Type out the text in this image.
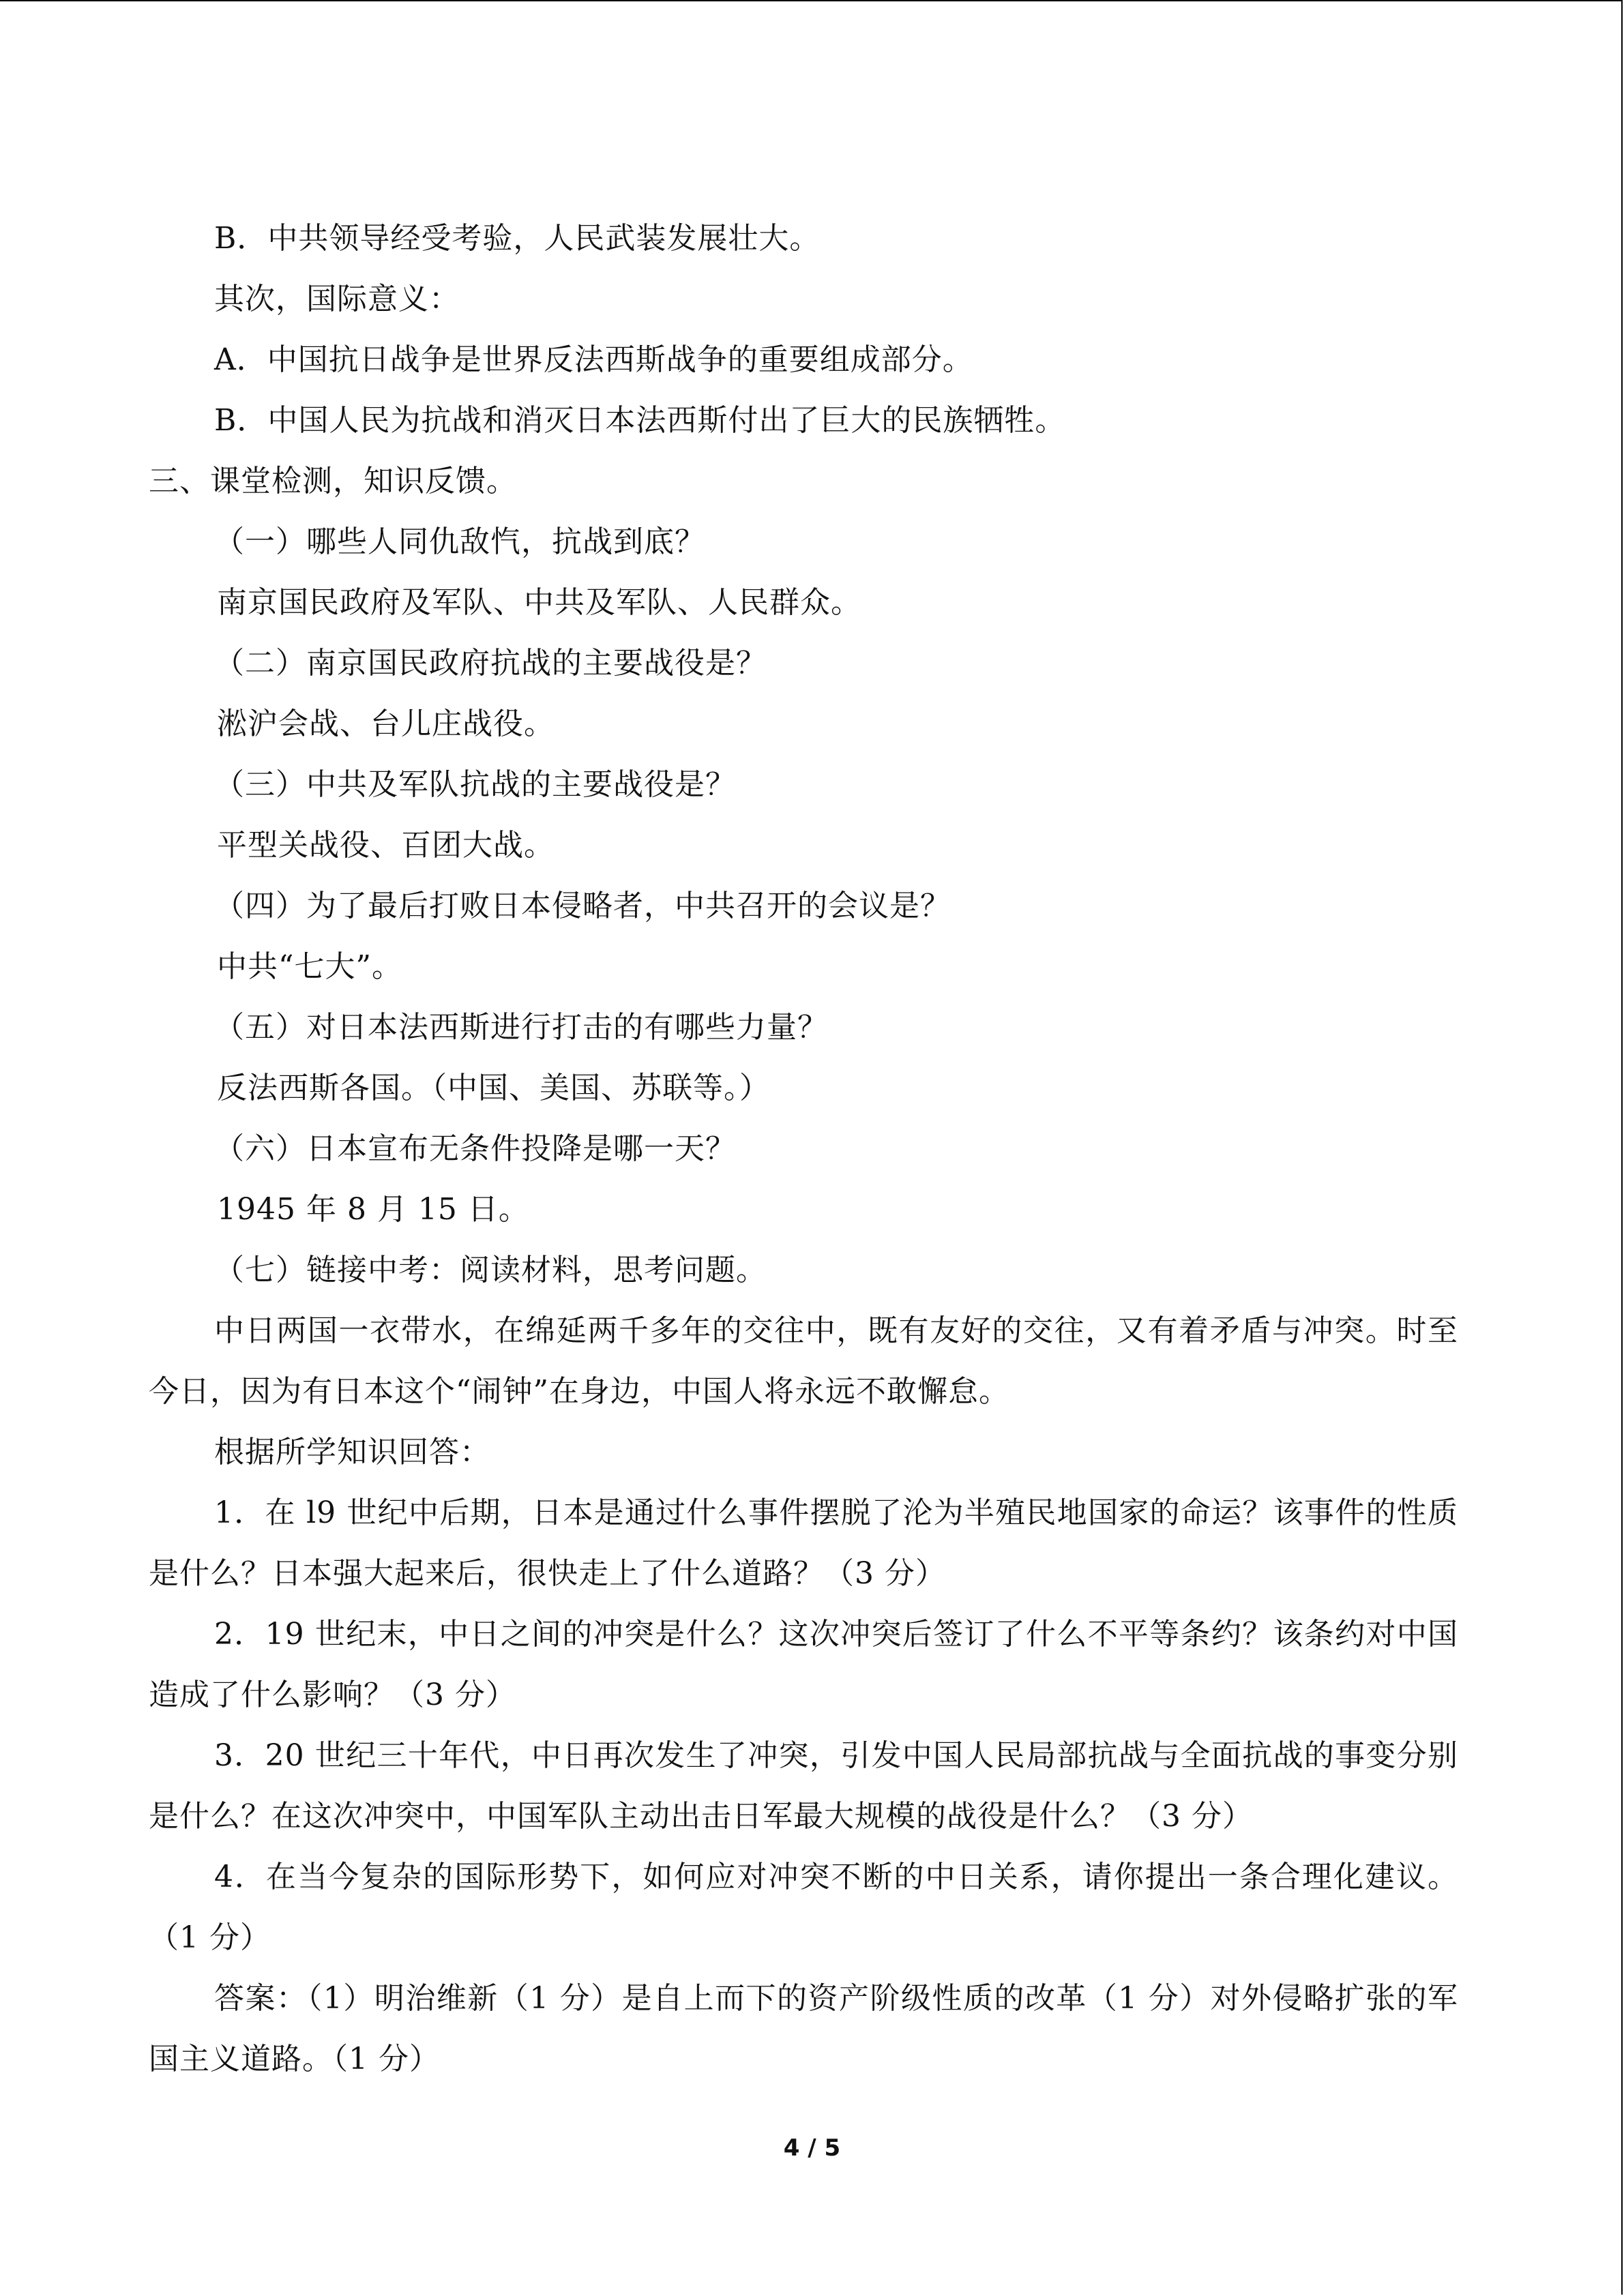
B．中共领导经受考验，人民武装发展壮大。

其次，国际意义：

A．中国抗日战争是世界反法西斯战争的重要组成部分。

B．中国人民为抗战和消灭日本法西斯付出了巨大的民族牺牲。

三、课堂检测，知识反馈。

（一）哪些人同仇敌忾，抗战到底？

南京国民政府及军队、中共及军队、人民群众。

（二）南京国民政府抗战的主要战役是？

淞沪会战、台儿庄战役。

（三）中共及军队抗战的主要战役是？

平型关战役、百团大战。

（四）为了最后打败日本侵略者，中共召开的会议是？

中共“七大”。

（五）对日本法西斯进行打击的有哪些力量？

反法西斯各国。（中国、美国、苏联等。）

（六）日本宣布无条件投降是哪一天？

1945 年 8 月 15 日。

（七）链接中考：阅读材料，思考问题。

中日两国一衣带水，在绵延两千多年的交往中，既有友好的交往，又有着矛盾与冲突。时至今日，因为有日本这个“闹钟”在身边，中国人将永远不敢懈怠。

根据所学知识回答：

1．在 l9 世纪中后期，日本是通过什么事件摆脱了沦为半殖民地国家的命运？该事件的性质是什么？日本强大起来后，很快走上了什么道路？（3 分）

2．19 世纪末，中日之间的冲突是什么？这次冲突后签订了什么不平等条约？该条约对中国造成了什么影响？（3 分）

3．20 世纪三十年代，中日再次发生了冲突，引发中国人民局部抗战与全面抗战的事变分别是什么？在这次冲突中，中国军队主动出击日军最大规模的战役是什么？（3 分）

4．在当今复杂的国际形势下，如何应对冲突不断的中日关系，请你提出一条合理化建议。（1 分）

答案：（1）明治维新（1 分）是自上而下的资产阶级性质的改革（1 分）对外侵略扩张的军国主义道路。（1 分）

4 / 5
